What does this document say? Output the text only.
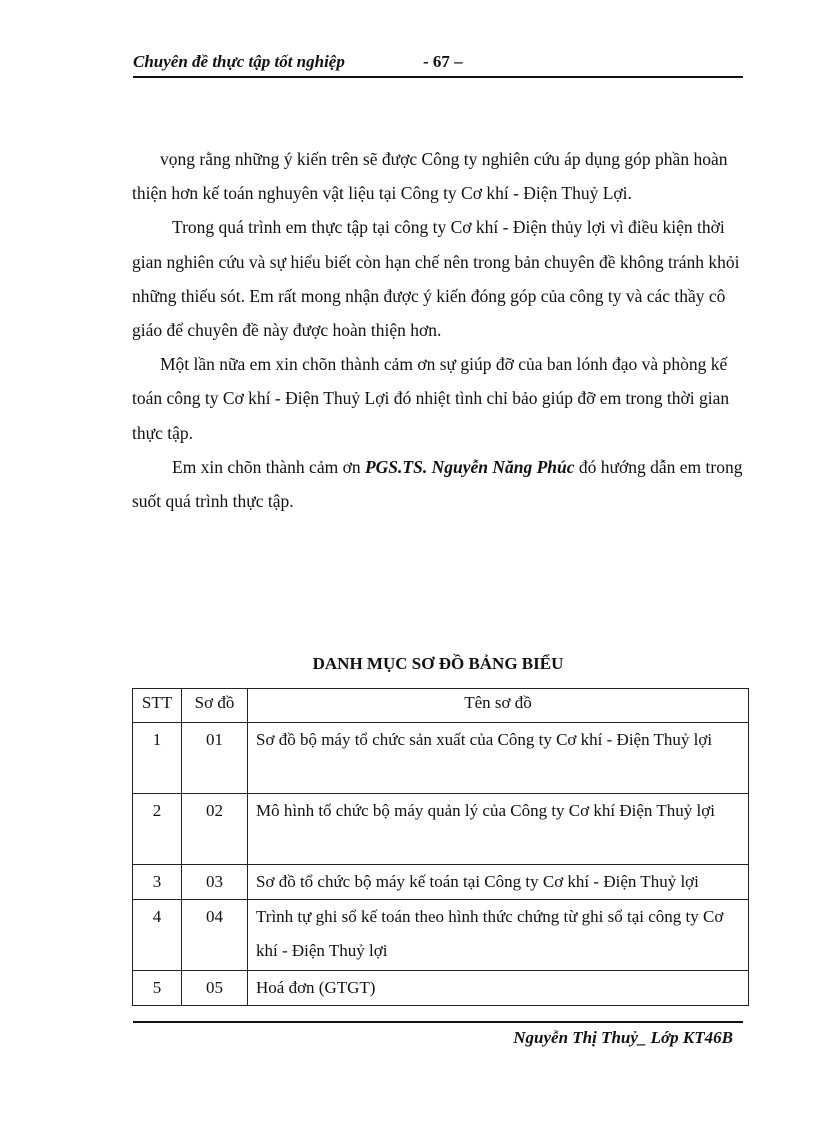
Chuyên đề thực tập tốt nghiệp	- 67 –

vọng rằng những ý kiến trên sẽ được Công ty nghiên cứu áp dụng góp phần hoàn thiện hơn kế toán nghuyên vật liệu tại Công ty Cơ khí - Điện Thuỷ Lợi.

Trong quá trình em thực tập tại công ty Cơ khí - Điện thủy lợi vì điều kiện thời gian nghiên cứu và sự hiểu biết còn hạn chế nên trong bản chuyên đề không tránh khỏi những thiếu sót. Em rất mong nhận được ý kiến đóng góp của công ty và các thầy cô giáo để chuyên đề này được hoàn thiện hơn.

Một lần nữa em xin chõn thành cảm ơn sự giúp đỡ của ban lónh đạo và phòng kế toán công ty Cơ khí - Điện Thuỷ Lợi đó nhiệt tình chỉ bảo giúp đỡ em trong thời gian thực tập.

Em xin chõn thành cảm ơn PGS.TS. Nguyễn Năng Phúc đó hướng dẫn em trong suốt quá trình thực tập.

DANH MỤC SƠ ĐỒ BẢNG BIỂU
STT	Sơ đồ	Tên sơ đồ
1	01	Sơ đồ bộ máy tổ chức sản xuất của Công ty Cơ khí - Điện Thuỷ lợi
2	02	Mô hình tổ chức bộ máy quản lý của Công ty Cơ khí Điện Thuỷ lợi
3	03	Sơ đồ tổ chức bộ máy kế toán tại Công ty Cơ khí - Điện Thuỷ lợi
4	04	Trình tự ghi sổ kế toán theo hình thức chứng từ ghi sổ tại công ty Cơ khí - Điện Thuỷ lợi
5	05	Hoá đơn (GTGT)
Nguyễn Thị Thuỷ_ Lớp KT46B
